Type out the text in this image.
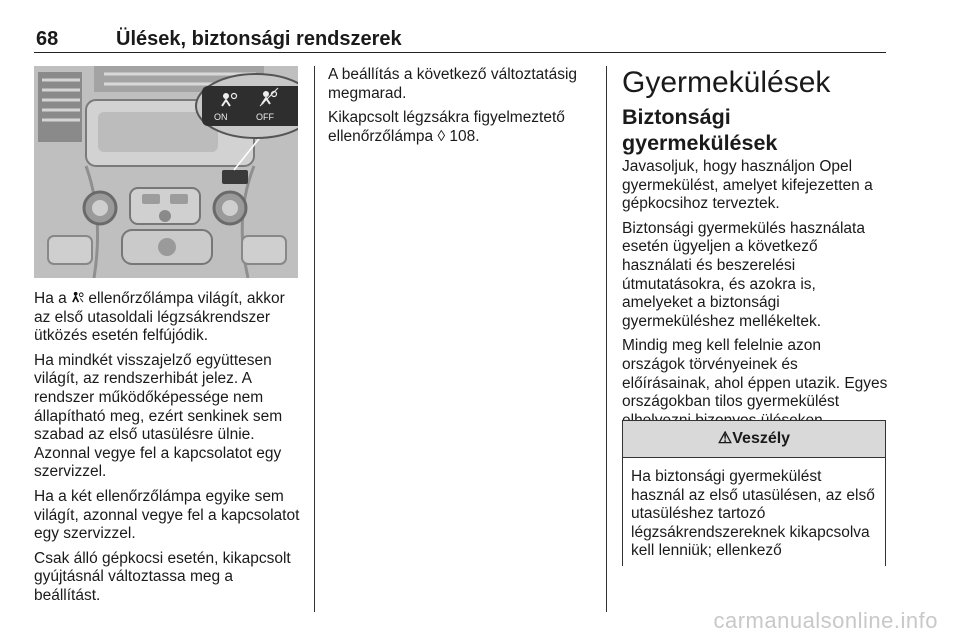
68	Ülések, biztonsági rendszerek
ON	OFF

Ha a  ellenőrzőlámpa világít, akkor az első utasoldali légzsákrendszer ütközés esetén felfújódik.

Ha mindkét visszajelző együttesen világít, az rendszerhibát jelez. A rendszer működőképessége nem állapítható meg, ezért senkinek sem szabad az első utasülésre ülnie. Azonnal vegye fel a kapcsolatot egy szervizzel.

Ha a két ellenőrzőlámpa egyike sem világít, azonnal vegye fel a kapcsolatot egy szervizzel.

Csak álló gépkocsi esetén, kikapcsolt gyújtásnál változtassa meg a beállítást.

A beállítás a következő változtatásig megmarad.

Kikapcsolt légzsákra figyelmeztető ellenőrzőlámpa ◊ 108.

Gyermekülések
Biztonsági gyermekülések

Javasoljuk, hogy használjon Opel gyermekülést, amelyet kifejezetten a gépkocsihoz terveztek.

Biztonsági gyermekülés használata esetén ügyeljen a következő használati és beszerelési útmutatásokra, és azokra is, amelyeket a biztonsági gyermeküléshez mellékeltek.

Mindig meg kell felelnie azon országok törvényeinek és előírásainak, ahol éppen utazik. Egyes országokban tilos gyermekülést

⚠Veszély
Ha biztonsági gyermekülést használ az első utasülésen, az első utasüléshez tartozó légzsákrendszereknek kikapcsolva kell lenniük; ellenkező
carmanualsonline.info
